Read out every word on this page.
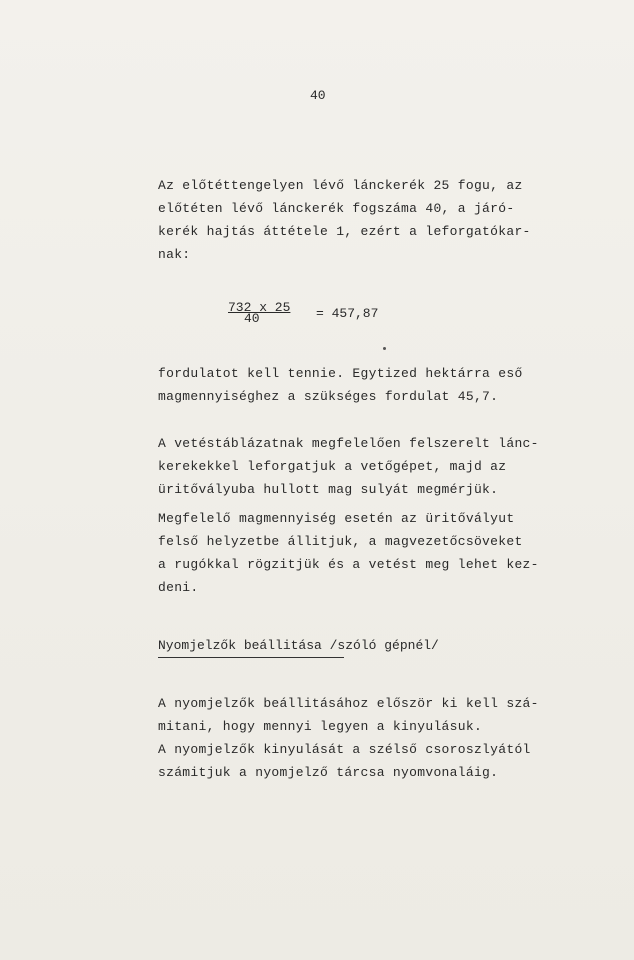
40
Az előtéttengelyen lévő lánckerék 25 fogu, az
előtéten lévő lánckerék fogszáma 40, a járó-
kerék hajtás áttétele 1, ezért a leforgatókar-
nak:
732 x 25
40	= 457,87
fordulatot kell tennie. Egytized hektárra eső
magmennyiséghez a szükséges fordulat 45,7.
A vetéstáblázatnak megfelelően felszerelt lánc-
kerekekkel leforgatjuk a vetőgépet, majd az
üritővályuba hullott mag sulyát megmérjük.
Megfelelő magmennyiség esetén az üritővályut
felső helyzetbe állitjuk, a magvezetőcsöveket
a rugókkal rögzitjük és a vetést meg lehet kez-
deni.
Nyomjelzők beállitása /szóló gépnél/
A nyomjelzők beállitásához először ki kell szá-
mitani, hogy mennyi legyen a kinyulásuk.
A nyomjelzők kinyulását a szélső csoroszlyától
számitjuk a nyomjelző tárcsa nyomvonaláig.
